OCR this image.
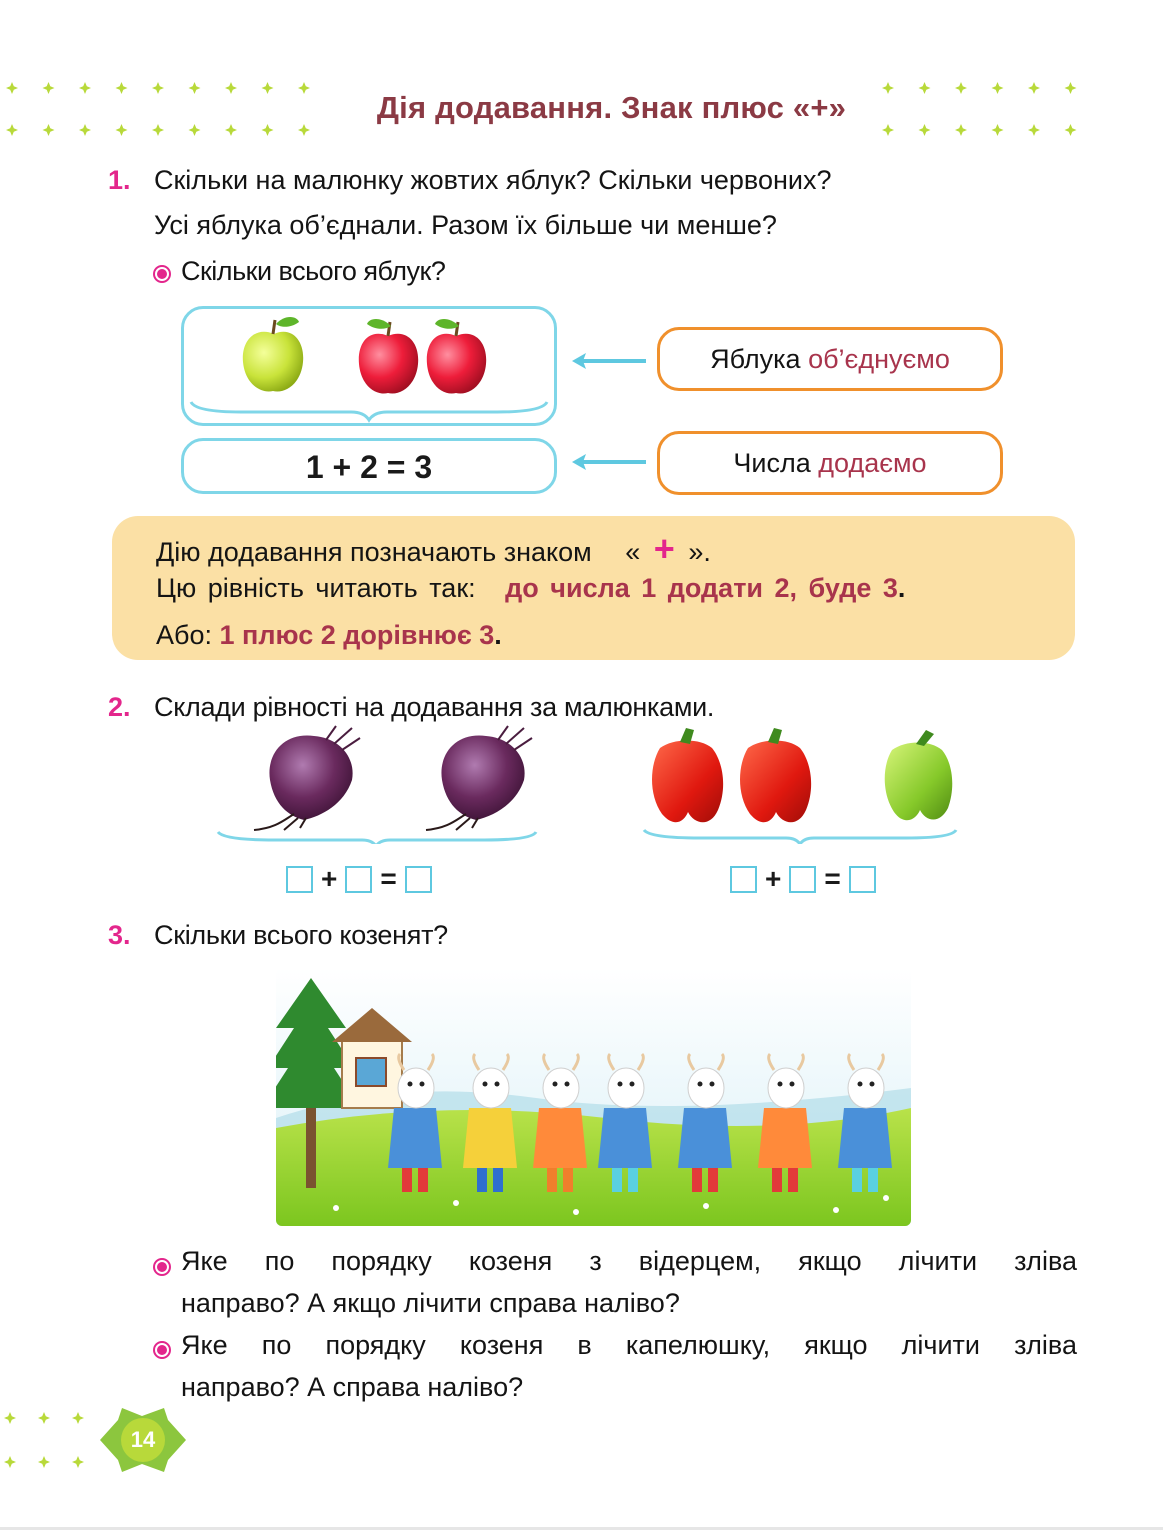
Дія додавання. Знак плюс «+»
1. Скільки на малюнку жовтих яблук? Скільки червоних?
Усі яблука об’єднали. Разом їх більше чи менше?
Скільки всього яблук?
1 + 2 = 3
Яблука об’єднуємо
Числа додаємо
Дію додавання позначають знаком « + ».
Цю рівність читають так: до числа 1 додати 2, буде 3.
Або: 1 плюс 2 дорівнює 3.
2. Склади рівності на додавання за малюнками.
+ =	+ =
3. Скільки всього козенят?
Яке по порядку козеня з відерцем, якщо лічити зліва
направо? А якщо лічити справа наліво?
Яке по порядку козеня в капелюшку, якщо лічити зліва
направо? А справа наліво?
14
